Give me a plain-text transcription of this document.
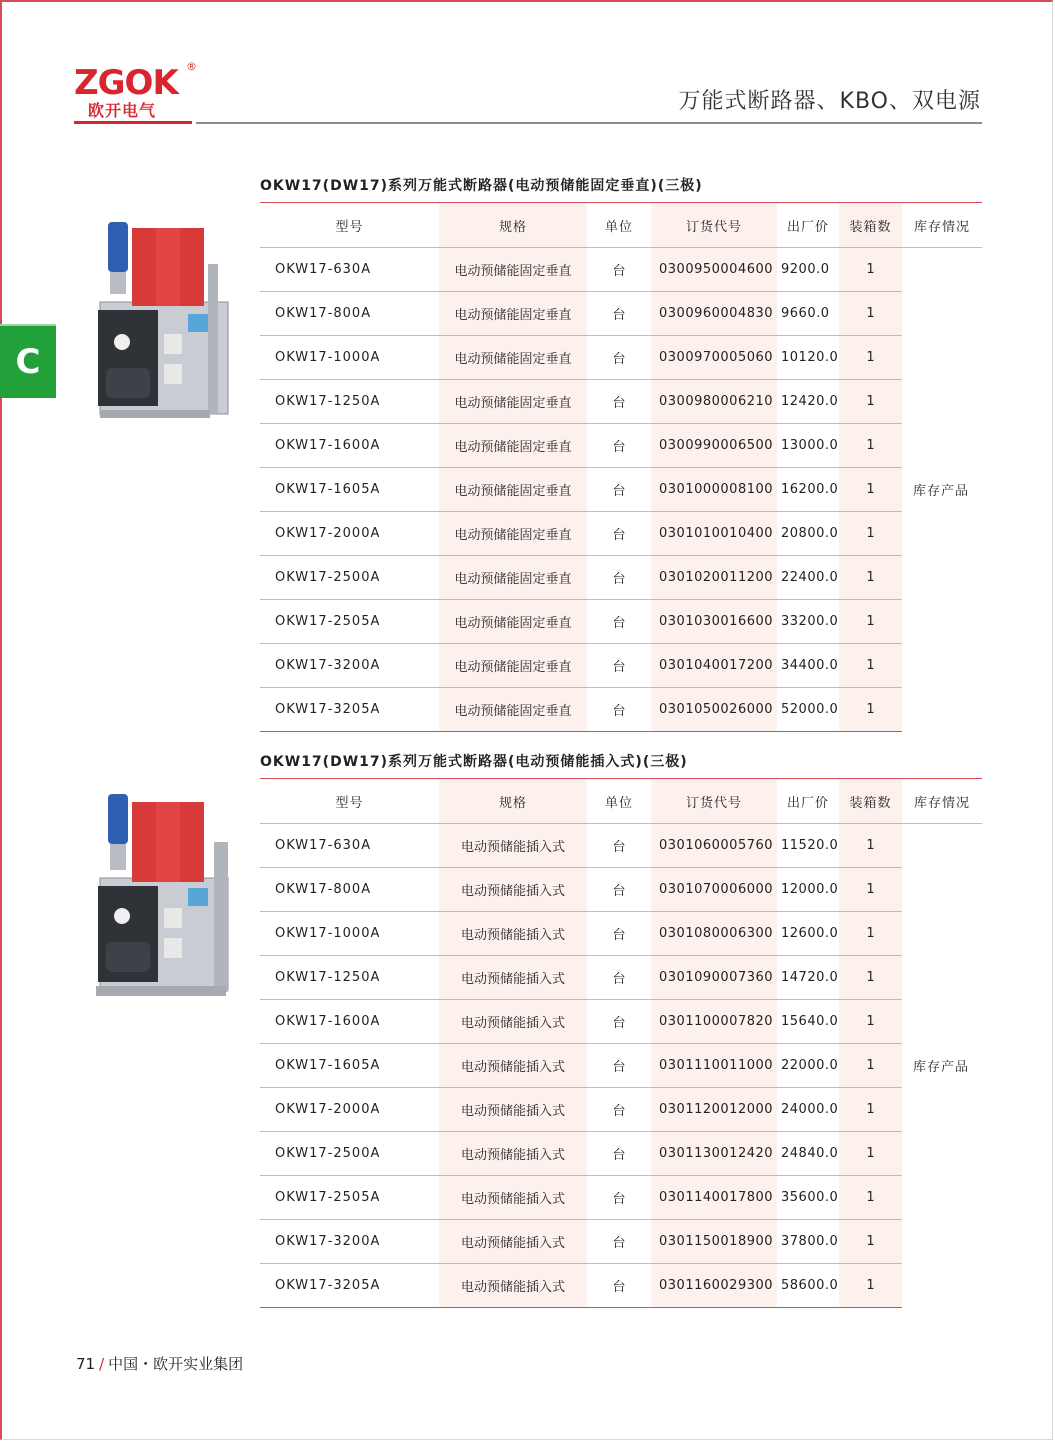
ZGOK ®
欧开电气	万能式断路器、KBO、双电源
C
OKW17(DW17)系列万能式断路器(电动预储能固定垂直)(三极)
型号	规格	单位	订货代号	出厂价	装箱数	库存情况
OKW17-630A	电动预储能固定垂直	台	0300950004600	9200.0	1	库存产品
OKW17-800A	电动预储能固定垂直	台	0300960004830	9660.0	1	
OKW17-1000A	电动预储能固定垂直	台	0300970005060	10120.0	1	
OKW17-1250A	电动预储能固定垂直	台	0300980006210	12420.0	1	
OKW17-1600A	电动预储能固定垂直	台	0300990006500	13000.0	1	
OKW17-1605A	电动预储能固定垂直	台	0301000008100	16200.0	1	
OKW17-2000A	电动预储能固定垂直	台	0301010010400	20800.0	1	
OKW17-2500A	电动预储能固定垂直	台	0301020011200	22400.0	1	
OKW17-2505A	电动预储能固定垂直	台	0301030016600	33200.0	1	
OKW17-3200A	电动预储能固定垂直	台	0301040017200	34400.0	1	
OKW17-3205A	电动预储能固定垂直	台	0301050026000	52000.0	1	
OKW17(DW17)系列万能式断路器(电动预储能插入式)(三极)
型号	规格	单位	订货代号	出厂价	装箱数	库存情况
OKW17-630A	电动预储能插入式	台	0301060005760	11520.0	1	库存产品
OKW17-800A	电动预储能插入式	台	0301070006000	12000.0	1	
OKW17-1000A	电动预储能插入式	台	0301080006300	12600.0	1	
OKW17-1250A	电动预储能插入式	台	0301090007360	14720.0	1	
OKW17-1600A	电动预储能插入式	台	0301100007820	15640.0	1	
OKW17-1605A	电动预储能插入式	台	0301110011000	22000.0	1	
OKW17-2000A	电动预储能插入式	台	0301120012000	24000.0	1	
OKW17-2500A	电动预储能插入式	台	0301130012420	24840.0	1	
OKW17-2505A	电动预储能插入式	台	0301140017800	35600.0	1	
OKW17-3200A	电动预储能插入式	台	0301150018900	37800.0	1	
OKW17-3205A	电动预储能插入式	台	0301160029300	58600.0	1	
71 / 中国・欧开实业集团
